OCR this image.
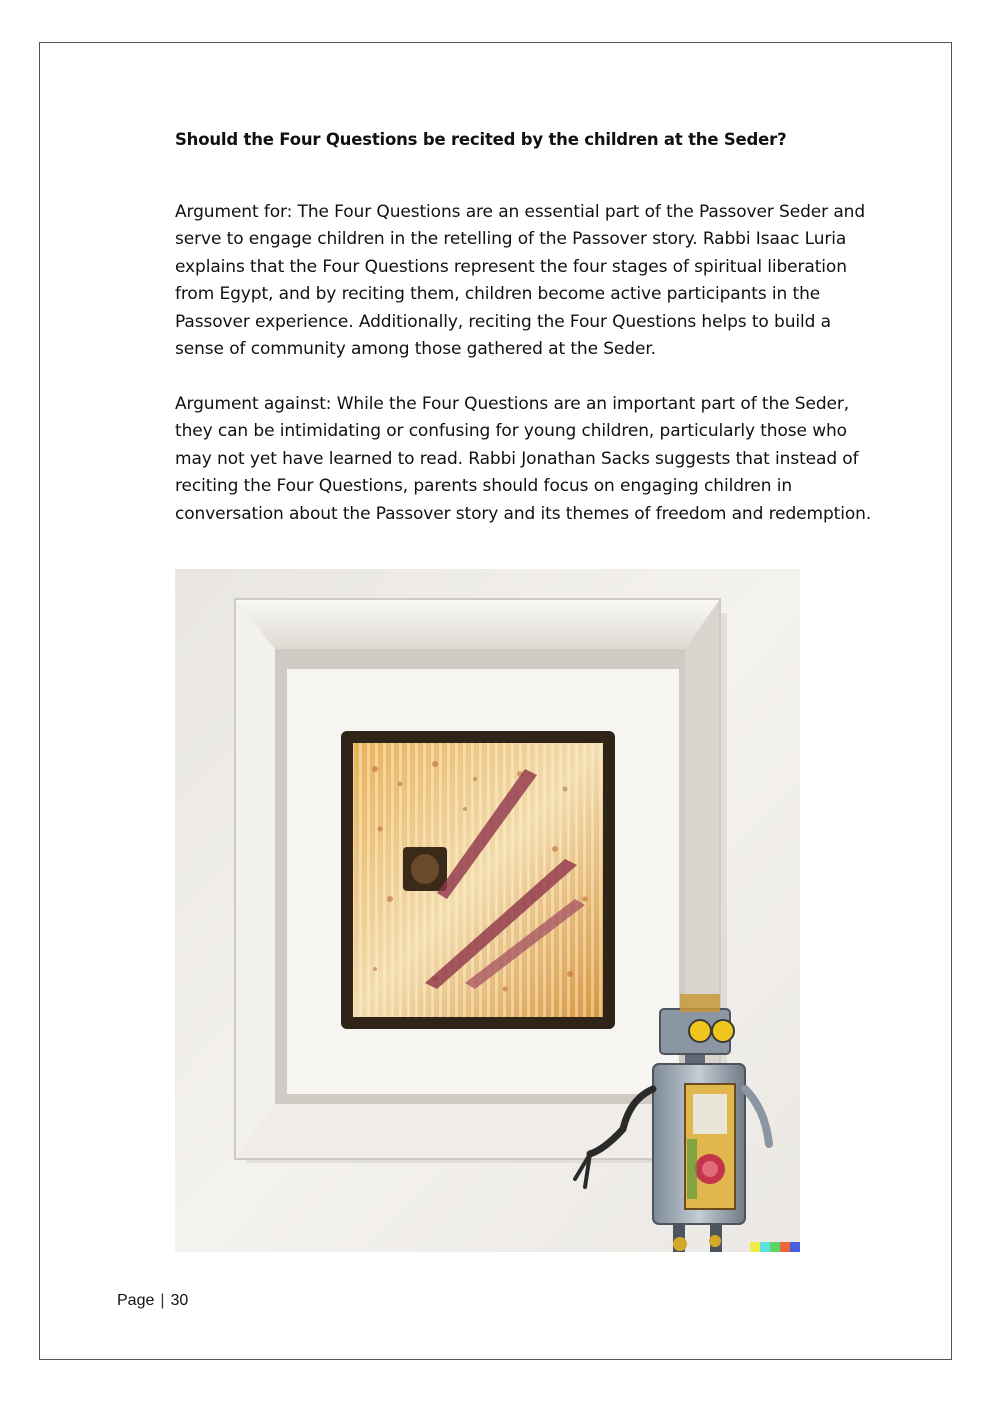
Should the Four Questions be recited by the children at the Seder?

Argument for: The Four Questions are an essential part of the Passover Seder and serve to engage children in the retelling of the Passover story. Rabbi Isaac Luria explains that the Four Questions represent the four stages of spiritual liberation from Egypt, and by reciting them, children become active participants in the Passover experience. Additionally, reciting the Four Questions helps to build a sense of community among those gathered at the Seder.

Argument against: While the Four Questions are an important part of the Seder, they can be intimidating or confusing for young children, particularly those who may not yet have learned to read. Rabbi Jonathan Sacks suggests that instead of reciting the Four Questions, parents should focus on engaging children in conversation about the Passover story and its themes of freedom and redemption.

Page | 30
